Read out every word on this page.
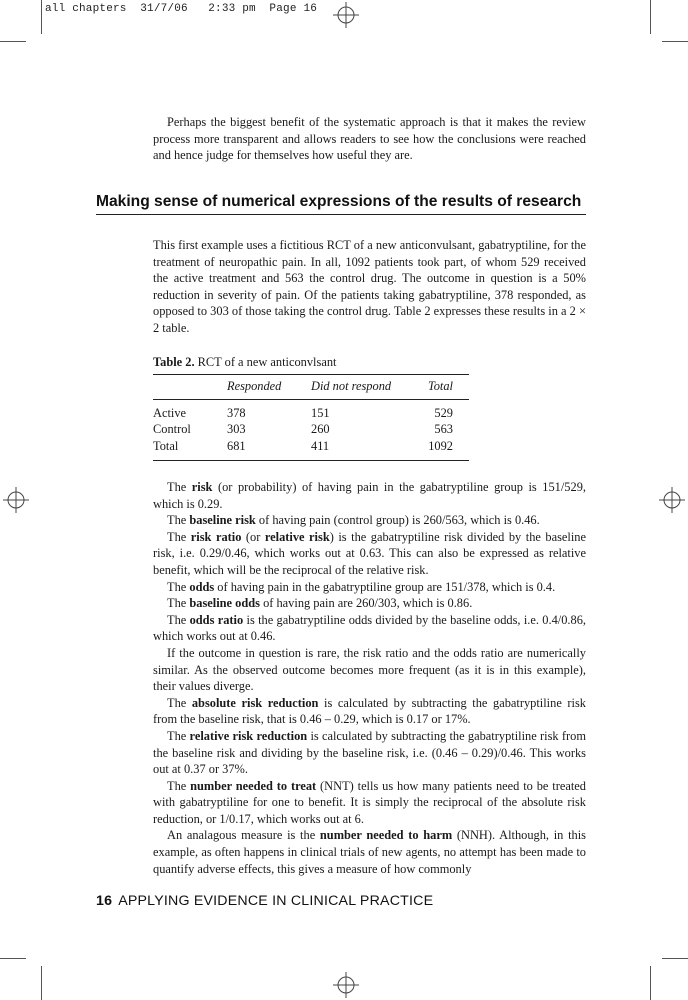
all chapters  31/7/06   2:33 pm  Page 16

Perhaps the biggest benefit of the systematic approach is that it makes the review process more transparent and allows readers to see how the conclusions were reached and hence judge for themselves how useful they are.

Making sense of numerical expressions of the results of research

This first example uses a fictitious RCT of a new anticonvulsant, gabatryptiline, for the treatment of neuropathic pain. In all, 1092 patients took part, of whom 529 received the active treatment and 563 the control drug. The outcome in question is a 50% reduction in severity of pain. Of the patients taking gabatryptiline, 378 responded, as opposed to 303 of those taking the control drug. Table 2 expresses these results in a 2 × 2 table.

Table 2. RCT of a new anticonvlsant
	Responded	Did not respond	Total
Active	378	151	529
Control	303	260	563
Total	681	411	1092

The risk (or probability) of having pain in the gabatryptiline group is 151/529, which is 0.29.

The baseline risk of having pain (control group) is 260/563, which is 0.46.

The risk ratio (or relative risk) is the gabatryptiline risk divided by the baseline risk, i.e. 0.29/0.46, which works out at 0.63. This can also be expressed as relative benefit, which will be the reciprocal of the relative risk.

The odds of having pain in the gabatryptiline group are 151/378, which is 0.4.

The baseline odds of having pain are 260/303, which is 0.86.

The odds ratio is the gabatryptiline odds divided by the baseline odds, i.e. 0.4/0.86, which works out at 0.46.

If the outcome in question is rare, the risk ratio and the odds ratio are numerically similar. As the observed outcome becomes more frequent (as it is in this example), their values diverge.

The absolute risk reduction is calculated by subtracting the gabatryptiline risk from the baseline risk, that is 0.46 – 0.29, which is 0.17 or 17%.

The relative risk reduction is calculated by subtracting the gabatryptiline risk from the baseline risk and dividing by the baseline risk, i.e. (0.46 – 0.29)/0.46. This works out at 0.37 or 37%.

The number needed to treat (NNT) tells us how many patients need to be treated with gabatryptiline for one to benefit. It is simply the reciprocal of the absolute risk reduction, or 1/0.17, which works out at 6.

An analagous measure is the number needed to harm (NNH). Although, in this example, as often happens in clinical trials of new agents, no attempt has been made to quantify adverse effects, this gives a measure of how commonly

16 APPLYING EVIDENCE IN CLINICAL PRACTICE
